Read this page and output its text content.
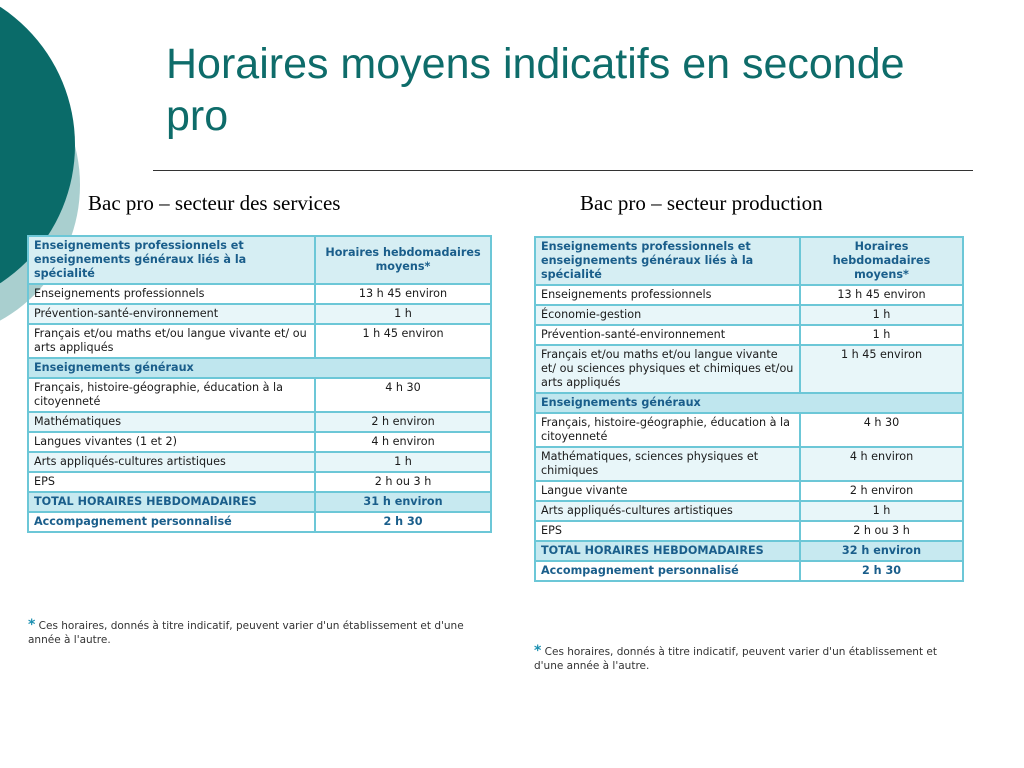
Horaires moyens indicatifs en seconde pro
Bac pro – secteur des services	Bac pro – secteur production
Enseignements professionnels et enseignements généraux liés à la spécialité	Horaires hebdomadaires moyens*
Enseignements professionnels	13 h 45 environ
Prévention-santé-environnement	1 h
Français et/ou maths et/ou langue vivante et/ ou arts appliqués	1 h 45 environ
Enseignements généraux	
Français, histoire-géographie, éducation à la citoyenneté	4 h 30
Mathématiques	2 h environ
Langues vivantes (1 et 2)	4 h environ
Arts appliqués-cultures artistiques	1 h
EPS	2 h ou 3 h
TOTAL HORAIRES HEBDOMADAIRES	31 h environ
Accompagnement personnalisé	2 h 30
* Ces horaires, donnés à titre indicatif, peuvent varier d'un établissement et d'une année à l'autre.
Enseignements professionnels et enseignements généraux liés à la spécialité	Horaires hebdomadaires moyens*
Enseignements professionnels	13 h 45 environ
Économie-gestion	1 h
Prévention-santé-environnement	1 h
Français et/ou maths et/ou langue vivante et/ ou sciences physiques et chimiques et/ou arts appliqués	1 h 45 environ
Enseignements généraux	
Français, histoire-géographie, éducation à la citoyenneté	4 h 30
Mathématiques, sciences physiques et chimiques	4 h environ
Langue vivante	2 h environ
Arts appliqués-cultures artistiques	1 h
EPS	2 h ou 3 h
TOTAL HORAIRES HEBDOMADAIRES	32 h environ
Accompagnement personnalisé	2 h 30
* Ces horaires, donnés à titre indicatif, peuvent varier d'un établissement et d'une année à l'autre.
